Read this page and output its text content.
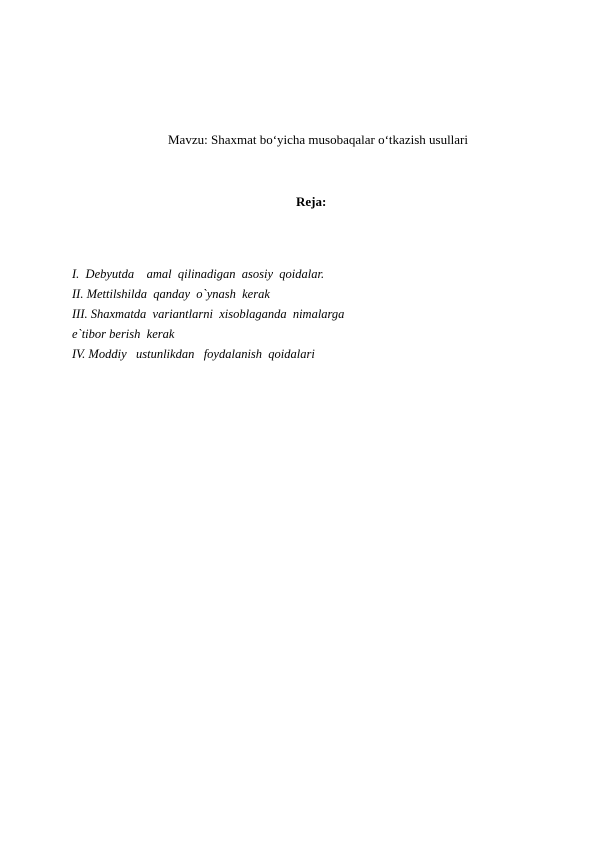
Mavzu: Shaxmat bo‘yicha musobaqalar o‘tkazish usullari
Reja:
I.  Debyutda    amal  qilinadigan  asosiy  qoidalar.
II. Mettilshilda  qanday  o`ynash  kerak
III. Shaxmatda  variantlarni  xisoblaganda  nimalarga
e`tibor berish  kerak
IV. Moddiy   ustunlikdan   foydalanish  qoidalari
